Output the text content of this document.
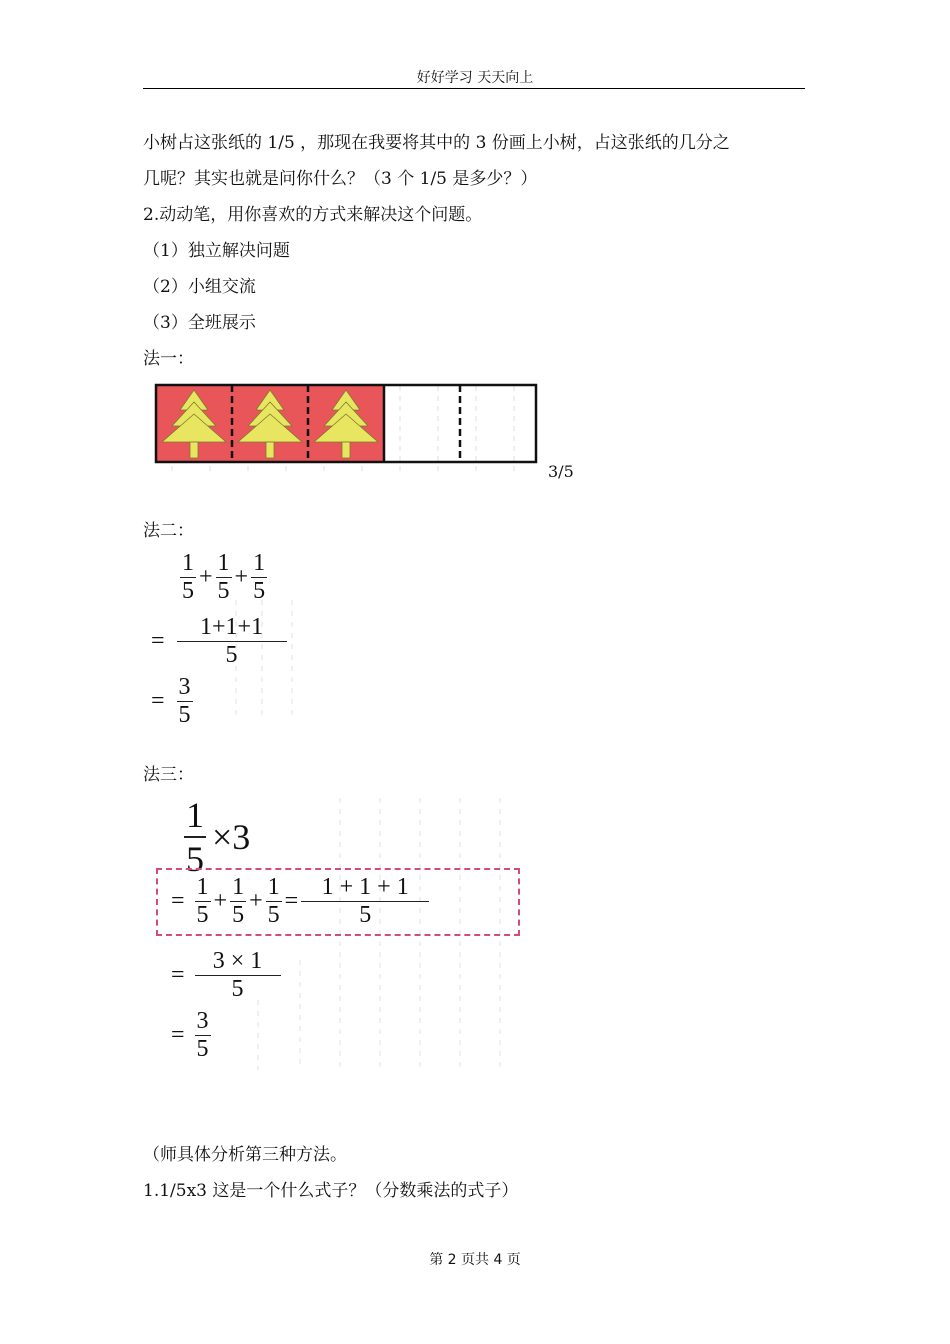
好好学习 天天向上
小树占这张纸的 1/5 ，那现在我要将其中的 3 份画上小树，占这张纸的几分之
几呢？其实也就是问你什么？（3 个 1/5 是多少？）
2.动动笔，用你喜欢的方式来解决这个问题。
（1）独立解决问题
（2）小组交流
（3）全班展示
法一：
3/5
法二：
$\frac{1}{5} + \frac{1}{5} + \frac{1}{5}$
= $\frac{1+1+1}{5}$
= $\frac{3}{5}$
法三：
$\frac{1}{5} \times 3$
= $\frac{1}{5} + \frac{1}{5} + \frac{1}{5} = \frac{1 + 1 + 1}{5}$
= $\frac{3 \times 1}{5}$
= $\frac{3}{5}$
（师具体分析第三种方法。
1.1/5x3 这是一个什么式子？（分数乘法的式子）
第 2 页共 4 页
